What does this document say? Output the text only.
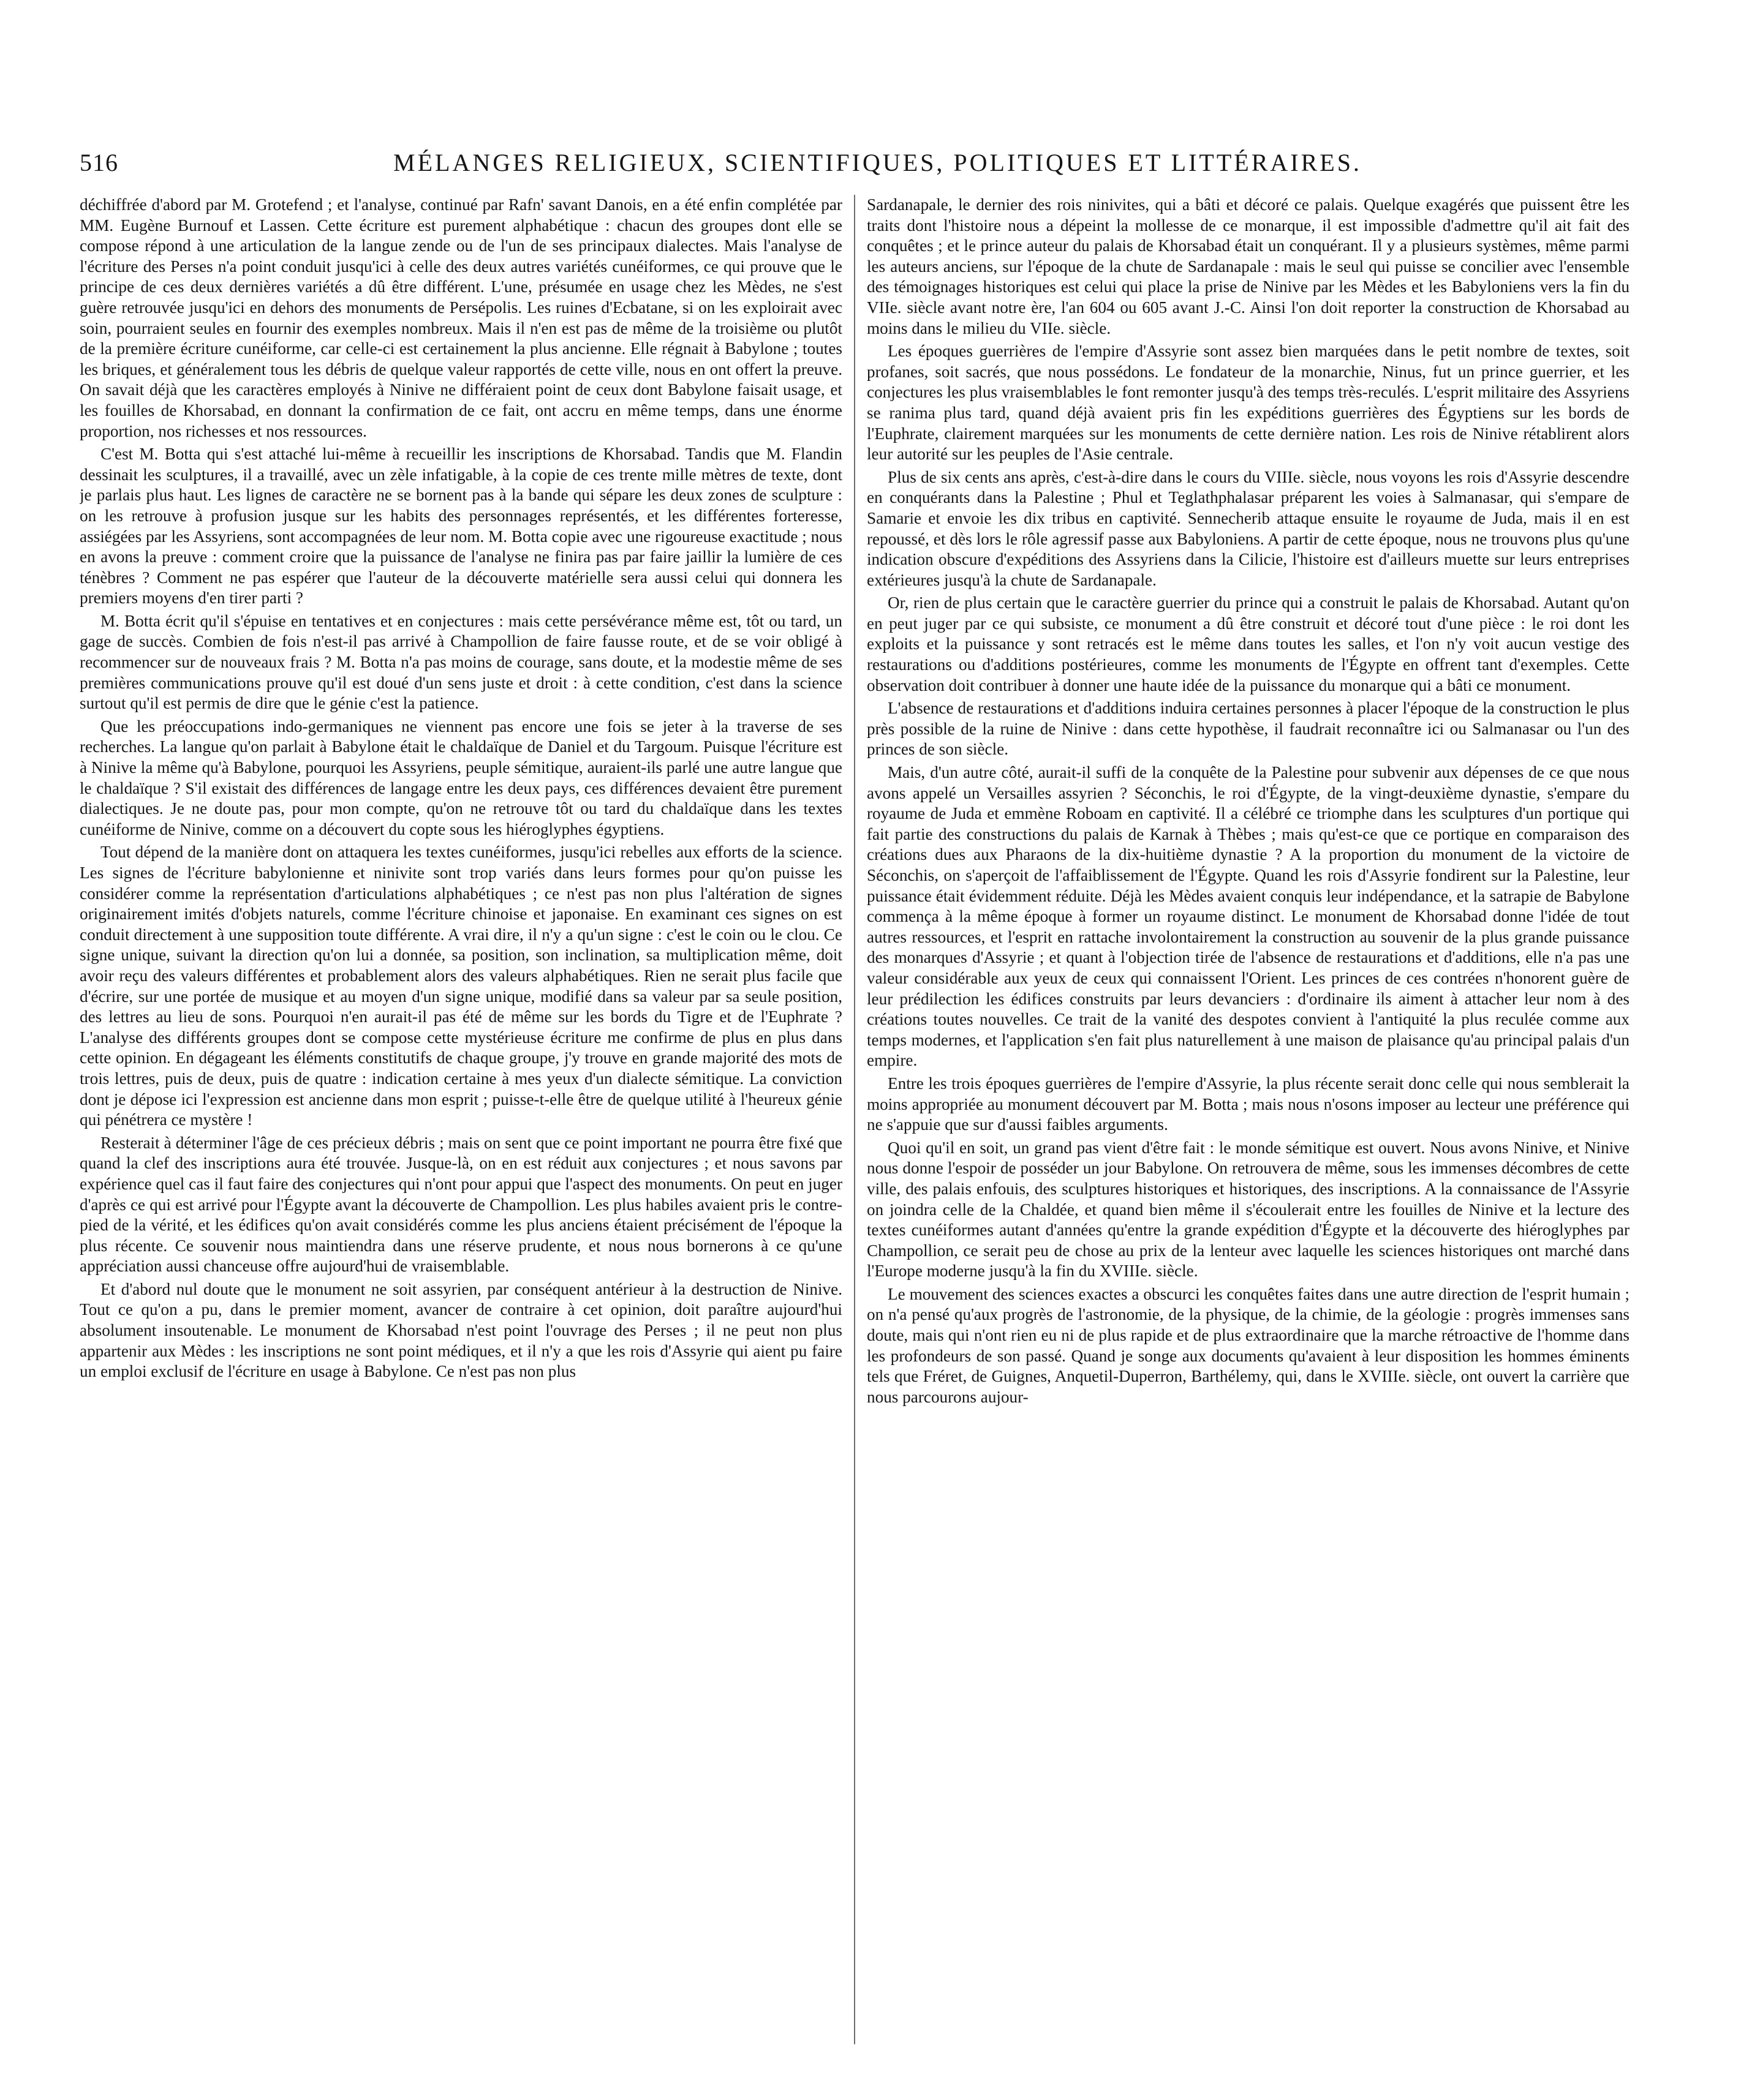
516	MÉLANGES RELIGIEUX, SCIENTIFIQUES, POLITIQUES ET LITTÉRAIRES.

déchiffrée d'abord par M. Grotefend ; et l'analyse, continué par Rafn' savant Danois, en a été enfin complétée par MM. Eugène Burnouf et Lassen. Cette écriture est purement alphabétique : chacun des groupes dont elle se compose répond à une articulation de la langue zende ou de l'un de ses principaux dialectes. Mais l'analyse de l'écriture des Perses n'a point conduit jusqu'ici à celle des deux autres variétés cunéiformes, ce qui prouve que le principe de ces deux dernières variétés a dû être différent. L'une, présumée en usage chez les Mèdes, ne s'est guère retrouvée jusqu'ici en dehors des monuments de Persépolis. Les ruines d'Ecbatane, si on les exploirait avec soin, pourraient seules en fournir des exemples nombreux. Mais il n'en est pas de même de la troisième ou plutôt de la première écriture cunéiforme, car celle-ci est certainement la plus ancienne. Elle régnait à Babylone ; toutes les briques, et généralement tous les débris de quelque valeur rapportés de cette ville, nous en ont offert la preuve. On savait déjà que les caractères employés à Ninive ne différaient point de ceux dont Babylone faisait usage, et les fouilles de Khorsabad, en donnant la confirmation de ce fait, ont accru en même temps, dans une énorme proportion, nos richesses et nos ressources.

C'est M. Botta qui s'est attaché lui-même à recueillir les inscriptions de Khorsabad. Tandis que M. Flandin dessinait les sculptures, il a travaillé, avec un zèle infatigable, à la copie de ces trente mille mètres de texte, dont je parlais plus haut. Les lignes de caractère ne se bornent pas à la bande qui sépare les deux zones de sculpture : on les retrouve à profusion jusque sur les habits des personnages représentés, et les différentes forteresse, assiégées par les Assyriens, sont accompagnées de leur nom. M. Botta copie avec une rigoureuse exactitude ; nous en avons la preuve : comment croire que la puissance de l'analyse ne finira pas par faire jaillir la lumière de ces ténèbres ? Comment ne pas espérer que l'auteur de la découverte matérielle sera aussi celui qui donnera les premiers moyens d'en tirer parti ?

M. Botta écrit qu'il s'épuise en tentatives et en conjectures : mais cette persévérance même est, tôt ou tard, un gage de succès. Combien de fois n'est-il pas arrivé à Champollion de faire fausse route, et de se voir obligé à recommencer sur de nouveaux frais ? M. Botta n'a pas moins de courage, sans doute, et la modestie même de ses premières communications prouve qu'il est doué d'un sens juste et droit : à cette condition, c'est dans la science surtout qu'il est permis de dire que le génie c'est la patience.

Que les préoccupations indo-germaniques ne viennent pas encore une fois se jeter à la traverse de ses recherches. La langue qu'on parlait à Babylone était le chaldaïque de Daniel et du Targoum. Puisque l'écriture est à Ninive la même qu'à Babylone, pourquoi les Assyriens, peuple sémitique, auraient-ils parlé une autre langue que le chaldaïque ? S'il existait des différences de langage entre les deux pays, ces différences devaient être purement dialectiques. Je ne doute pas, pour mon compte, qu'on ne retrouve tôt ou tard du chaldaïque dans les textes cunéiforme de Ninive, comme on a découvert du copte sous les hiéroglyphes égyptiens.

Tout dépend de la manière dont on attaquera les textes cunéiformes, jusqu'ici rebelles aux efforts de la science. Les signes de l'écriture babylonienne et ninivite sont trop variés dans leurs formes pour qu'on puisse les considérer comme la représentation d'articulations alphabétiques ; ce n'est pas non plus l'altération de signes originairement imités d'objets naturels, comme l'écriture chinoise et japonaise. En examinant ces signes on est conduit directement à une supposition toute différente. A vrai dire, il n'y a qu'un signe : c'est le coin ou le clou. Ce signe unique, suivant la direction qu'on lui a donnée, sa position, son inclination, sa multiplication même, doit avoir reçu des valeurs différentes et probablement alors des valeurs alphabétiques. Rien ne serait plus facile que d'écrire, sur une portée de musique et au moyen d'un signe unique, modifié dans sa valeur par sa seule position, des lettres au lieu de sons. Pourquoi n'en aurait-il pas été de même sur les bords du Tigre et de l'Euphrate ? L'analyse des différents groupes dont se compose cette mystérieuse écriture me confirme de plus en plus dans cette opinion. En dégageant les éléments constitutifs de chaque groupe, j'y trouve en grande majorité des mots de trois lettres, puis de deux, puis de quatre : indication certaine à mes yeux d'un dialecte sémitique. La conviction dont je dépose ici l'expression est ancienne dans mon esprit ; puisse-t-elle être de quelque utilité à l'heureux génie qui pénétrera ce mystère !

Resterait à déterminer l'âge de ces précieux débris ; mais on sent que ce point important ne pourra être fixé que quand la clef des inscriptions aura été trouvée. Jusque-là, on en est réduit aux conjectures ; et nous savons par expérience quel cas il faut faire des conjectures qui n'ont pour appui que l'aspect des monuments. On peut en juger d'après ce qui est arrivé pour l'Égypte avant la découverte de Champollion. Les plus habiles avaient pris le contre-pied de la vérité, et les édifices qu'on avait considérés comme les plus anciens étaient précisément de l'époque la plus récente. Ce souvenir nous maintiendra dans une réserve prudente, et nous nous bornerons à ce qu'une appréciation aussi chanceuse offre aujourd'hui de vraisemblable.

Et d'abord nul doute que le monument ne soit assyrien, par conséquent antérieur à la destruction de Ninive. Tout ce qu'on a pu, dans le premier moment, avancer de contraire à cet opinion, doit paraître aujourd'hui absolument insoutenable. Le monument de Khorsabad n'est point l'ouvrage des Perses ; il ne peut non plus appartenir aux Mèdes : les inscriptions ne sont point médiques, et il n'y a que les rois d'Assyrie qui aient pu faire un emploi exclusif de l'écriture en usage à Babylone. Ce n'est pas non plus

Sardanapale, le dernier des rois ninivites, qui a bâti et décoré ce palais. Quelque exagérés que puissent être les traits dont l'histoire nous a dépeint la mollesse de ce monarque, il est impossible d'admettre qu'il ait fait des conquêtes ; et le prince auteur du palais de Khorsabad était un conquérant. Il y a plusieurs systèmes, même parmi les auteurs anciens, sur l'époque de la chute de Sardanapale : mais le seul qui puisse se concilier avec l'ensemble des témoignages historiques est celui qui place la prise de Ninive par les Mèdes et les Babyloniens vers la fin du VIIe. siècle avant notre ère, l'an 604 ou 605 avant J.-C. Ainsi l'on doit reporter la construction de Khorsabad au moins dans le milieu du VIIe. siècle.

Les époques guerrières de l'empire d'Assyrie sont assez bien marquées dans le petit nombre de textes, soit profanes, soit sacrés, que nous possédons. Le fondateur de la monarchie, Ninus, fut un prince guerrier, et les conjectures les plus vraisemblables le font remonter jusqu'à des temps très-reculés. L'esprit militaire des Assyriens se ranima plus tard, quand déjà avaient pris fin les expéditions guerrières des Égyptiens sur les bords de l'Euphrate, clairement marquées sur les monuments de cette dernière nation. Les rois de Ninive rétablirent alors leur autorité sur les peuples de l'Asie centrale.

Plus de six cents ans après, c'est-à-dire dans le cours du VIIIe. siècle, nous voyons les rois d'Assyrie descendre en conquérants dans la Palestine ; Phul et Teglathphalasar préparent les voies à Salmanasar, qui s'empare de Samarie et envoie les dix tribus en captivité. Sennecherib attaque ensuite le royaume de Juda, mais il en est repoussé, et dès lors le rôle agressif passe aux Babyloniens. A partir de cette époque, nous ne trouvons plus qu'une indication obscure d'expéditions des Assyriens dans la Cilicie, l'histoire est d'ailleurs muette sur leurs entreprises extérieures jusqu'à la chute de Sardanapale.

Or, rien de plus certain que le caractère guerrier du prince qui a construit le palais de Khorsabad. Autant qu'on en peut juger par ce qui subsiste, ce monument a dû être construit et décoré tout d'une pièce : le roi dont les exploits et la puissance y sont retracés est le même dans toutes les salles, et l'on n'y voit aucun vestige des restaurations ou d'additions postérieures, comme les monuments de l'Égypte en offrent tant d'exemples. Cette observation doit contribuer à donner une haute idée de la puissance du monarque qui a bâti ce monument.

L'absence de restaurations et d'additions induira certaines personnes à placer l'époque de la construction le plus près possible de la ruine de Ninive : dans cette hypothèse, il faudrait reconnaître ici ou Salmanasar ou l'un des princes de son siècle.

Mais, d'un autre côté, aurait-il suffi de la conquête de la Palestine pour subvenir aux dépenses de ce que nous avons appelé un Versailles assyrien ? Séconchis, le roi d'Égypte, de la vingt-deuxième dynastie, s'empare du royaume de Juda et emmène Roboam en captivité. Il a célébré ce triomphe dans les sculptures d'un portique qui fait partie des constructions du palais de Karnak à Thèbes ; mais qu'est-ce que ce portique en comparaison des créations dues aux Pharaons de la dix-huitième dynastie ? A la proportion du monument de la victoire de Séconchis, on s'aperçoit de l'affaiblissement de l'Égypte. Quand les rois d'Assyrie fondirent sur la Palestine, leur puissance était évidemment réduite. Déjà les Mèdes avaient conquis leur indépendance, et la satrapie de Babylone commença à la même époque à former un royaume distinct. Le monument de Khorsabad donne l'idée de tout autres ressources, et l'esprit en rattache involontairement la construction au souvenir de la plus grande puissance des monarques d'Assyrie ; et quant à l'objection tirée de l'absence de restaurations et d'additions, elle n'a pas une valeur considérable aux yeux de ceux qui connaissent l'Orient. Les princes de ces contrées n'honorent guère de leur prédilection les édifices construits par leurs devanciers : d'ordinaire ils aiment à attacher leur nom à des créations toutes nouvelles. Ce trait de la vanité des despotes convient à l'antiquité la plus reculée comme aux temps modernes, et l'application s'en fait plus naturellement à une maison de plaisance qu'au principal palais d'un empire.

Entre les trois époques guerrières de l'empire d'Assyrie, la plus récente serait donc celle qui nous semblerait la moins appropriée au monument découvert par M. Botta ; mais nous n'osons imposer au lecteur une préférence qui ne s'appuie que sur d'aussi faibles arguments.

Quoi qu'il en soit, un grand pas vient d'être fait : le monde sémitique est ouvert. Nous avons Ninive, et Ninive nous donne l'espoir de posséder un jour Babylone. On retrouvera de même, sous les immenses décombres de cette ville, des palais enfouis, des sculptures historiques et historiques, des inscriptions. A la connaissance de l'Assyrie on joindra celle de la Chaldée, et quand bien même il s'écoulerait entre les fouilles de Ninive et la lecture des textes cunéiformes autant d'années qu'entre la grande expédition d'Égypte et la découverte des hiéroglyphes par Champollion, ce serait peu de chose au prix de la lenteur avec laquelle les sciences historiques ont marché dans l'Europe moderne jusqu'à la fin du XVIIIe. siècle.

Le mouvement des sciences exactes a obscurci les conquêtes faites dans une autre direction de l'esprit humain ; on n'a pensé qu'aux progrès de l'astronomie, de la physique, de la chimie, de la géologie : progrès immenses sans doute, mais qui n'ont rien eu ni de plus rapide et de plus extraordinaire que la marche rétroactive de l'homme dans les profondeurs de son passé. Quand je songe aux documents qu'avaient à leur disposition les hommes éminents tels que Fréret, de Guignes, Anquetil-Duperron, Barthélemy, qui, dans le XVIIIe. siècle, ont ouvert la carrière que nous parcourons aujour-
